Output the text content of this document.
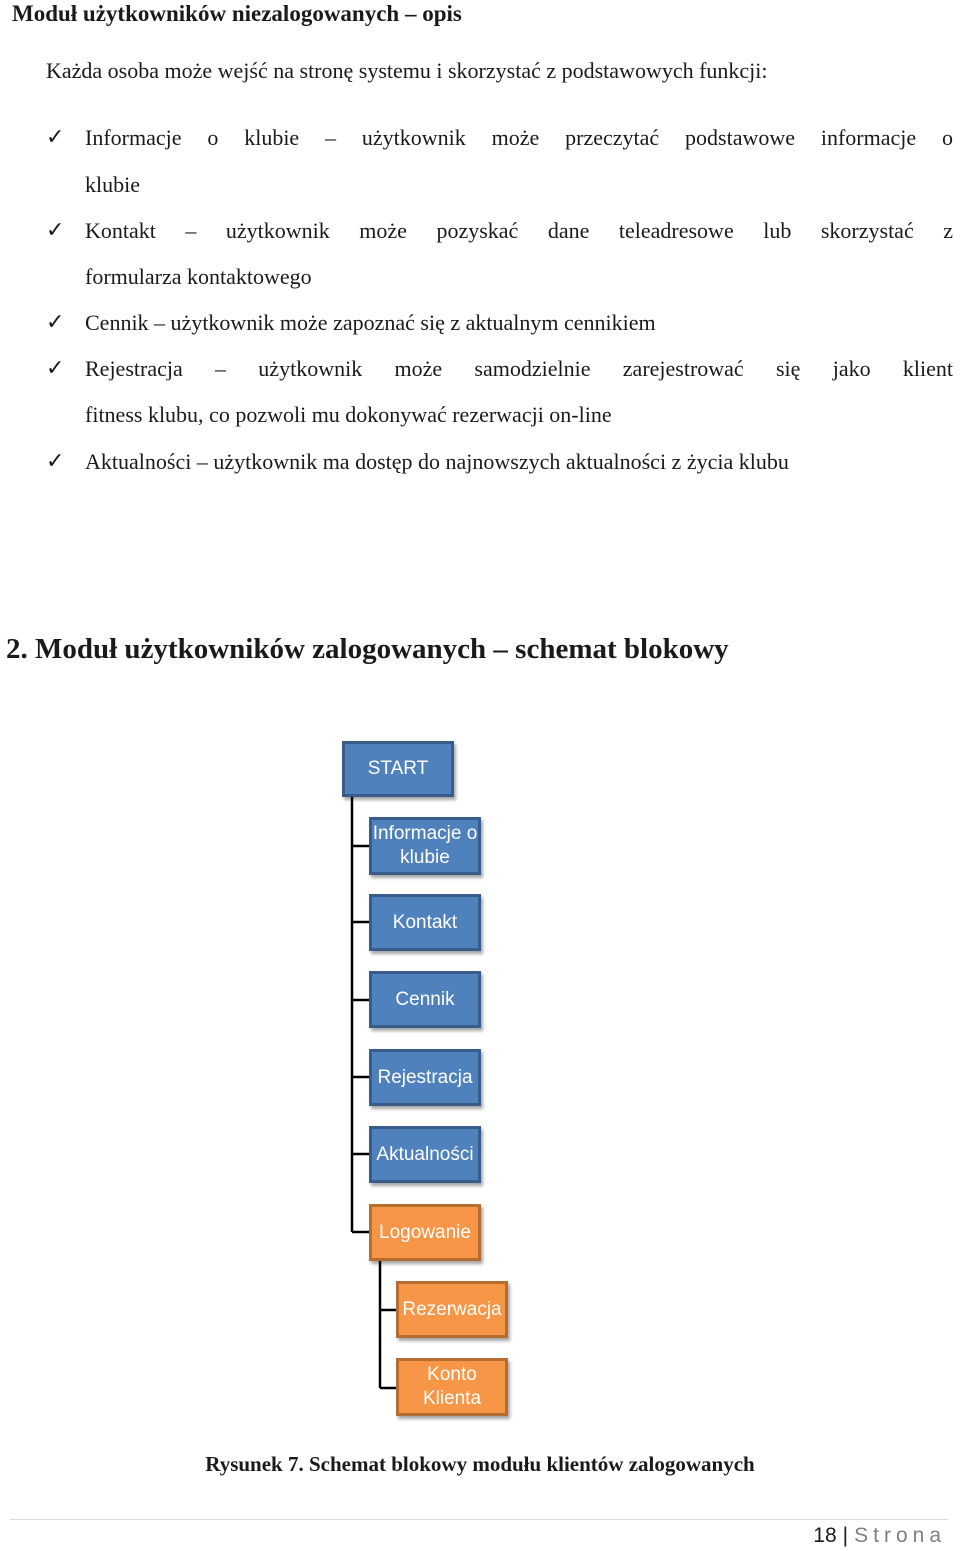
Moduł użytkowników niezalogowanych – opis
Każda osoba może wejść na stronę systemu i skorzystać z podstawowych funkcji:
✓ Informacje o klubie – użytkownik może przeczytać podstawowe informacje o
klubie
✓ Kontakt – użytkownik może pozyskać dane teleadresowe lub skorzystać z
formularza kontaktowego
✓ Cennik – użytkownik może zapoznać się z aktualnym cennikiem
✓ Rejestracja – użytkownik może samodzielnie zarejestrować się jako klient
fitness klubu, co pozwoli mu dokonywać rezerwacji on-line
✓ Aktualności – użytkownik ma dostęp do najnowszych aktualności z życia klubu
2. Moduł użytkowników zalogowanych – schemat blokowy
START
Informacje o klubie
Kontakt
Cennik
Rejestracja
Aktualności
Logowanie
Rezerwacja
Konto Klienta
Rysunek 7. Schemat blokowy modułu klientów zalogowanych
18 | Strona
